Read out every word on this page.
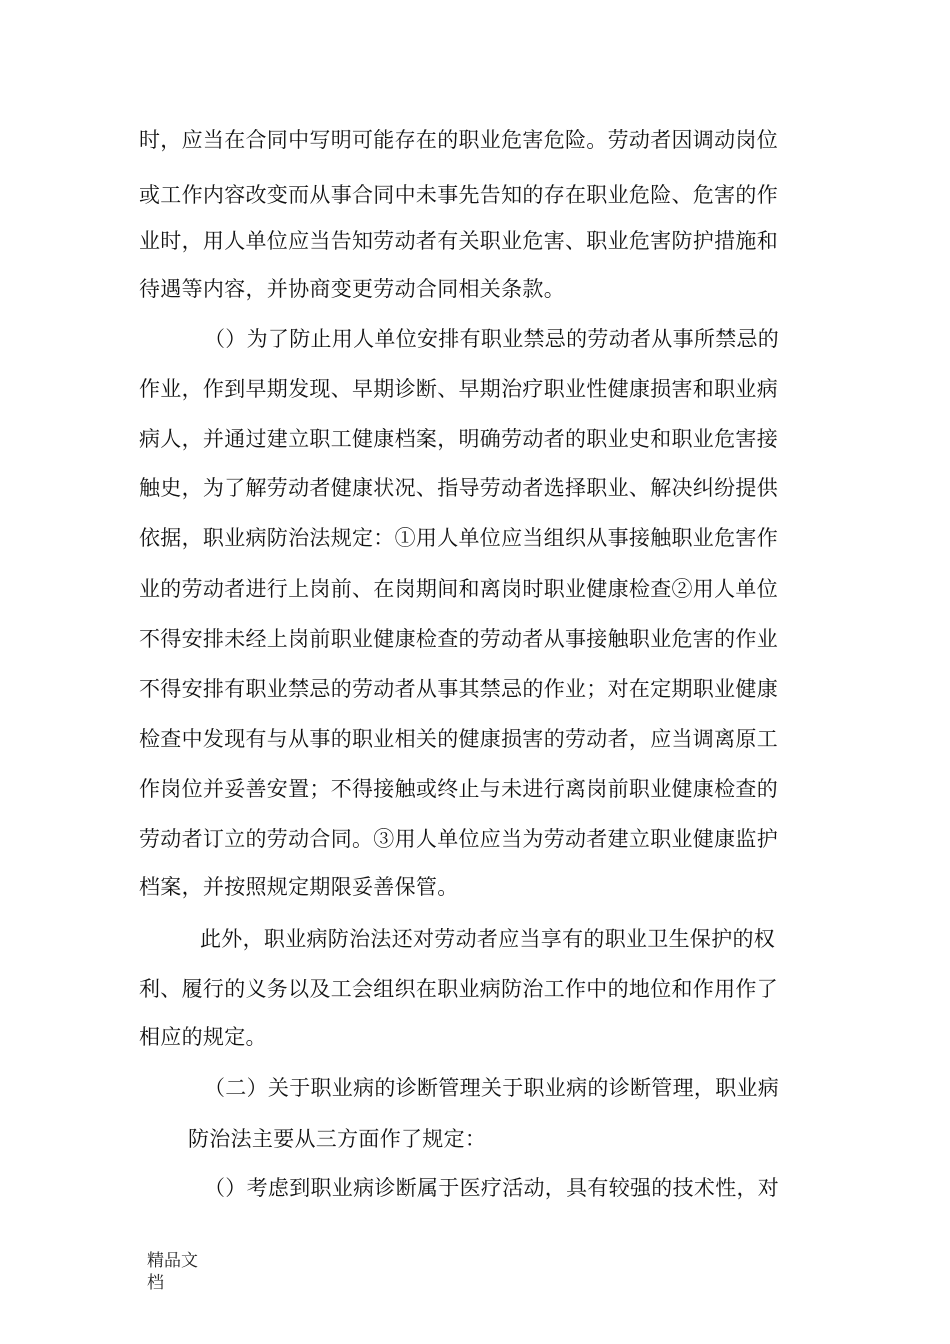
时，应当在合同中写明可能存在的职业危害危险。劳动者因调动岗位
或工作内容改变而从事合同中未事先告知的存在职业危险、危害的作
业时，用人单位应当告知劳动者有关职业危害、职业危害防护措施和
待遇等内容，并协商变更劳动合同相关条款。
（）为了防止用人单位安排有职业禁忌的劳动者从事所禁忌的
作业，作到早期发现、早期诊断、早期治疗职业性健康损害和职业病
病人，并通过建立职工健康档案，明确劳动者的职业史和职业危害接
触史，为了解劳动者健康状况、指导劳动者选择职业、解决纠纷提供
依据，职业病防治法规定：①用人单位应当组织从事接触职业危害作
业的劳动者进行上岗前、在岗期间和离岗时职业健康检查②用人单位
不得安排未经上岗前职业健康检查的劳动者从事接触职业危害的作业
不得安排有职业禁忌的劳动者从事其禁忌的作业；对在定期职业健康
检查中发现有与从事的职业相关的健康损害的劳动者，应当调离原工
作岗位并妥善安置；不得接触或终止与未进行离岗前职业健康检查的
劳动者订立的劳动合同。③用人单位应当为劳动者建立职业健康监护
档案，并按照规定期限妥善保管。
此外，职业病防治法还对劳动者应当享有的职业卫生保护的权
利、履行的义务以及工会组织在职业病防治工作中的地位和作用作了
相应的规定。
（二）关于职业病的诊断管理关于职业病的诊断管理，职业病
防治法主要从三方面作了规定：
（）考虑到职业病诊断属于医疗活动，具有较强的技术性，对
精品文
档
